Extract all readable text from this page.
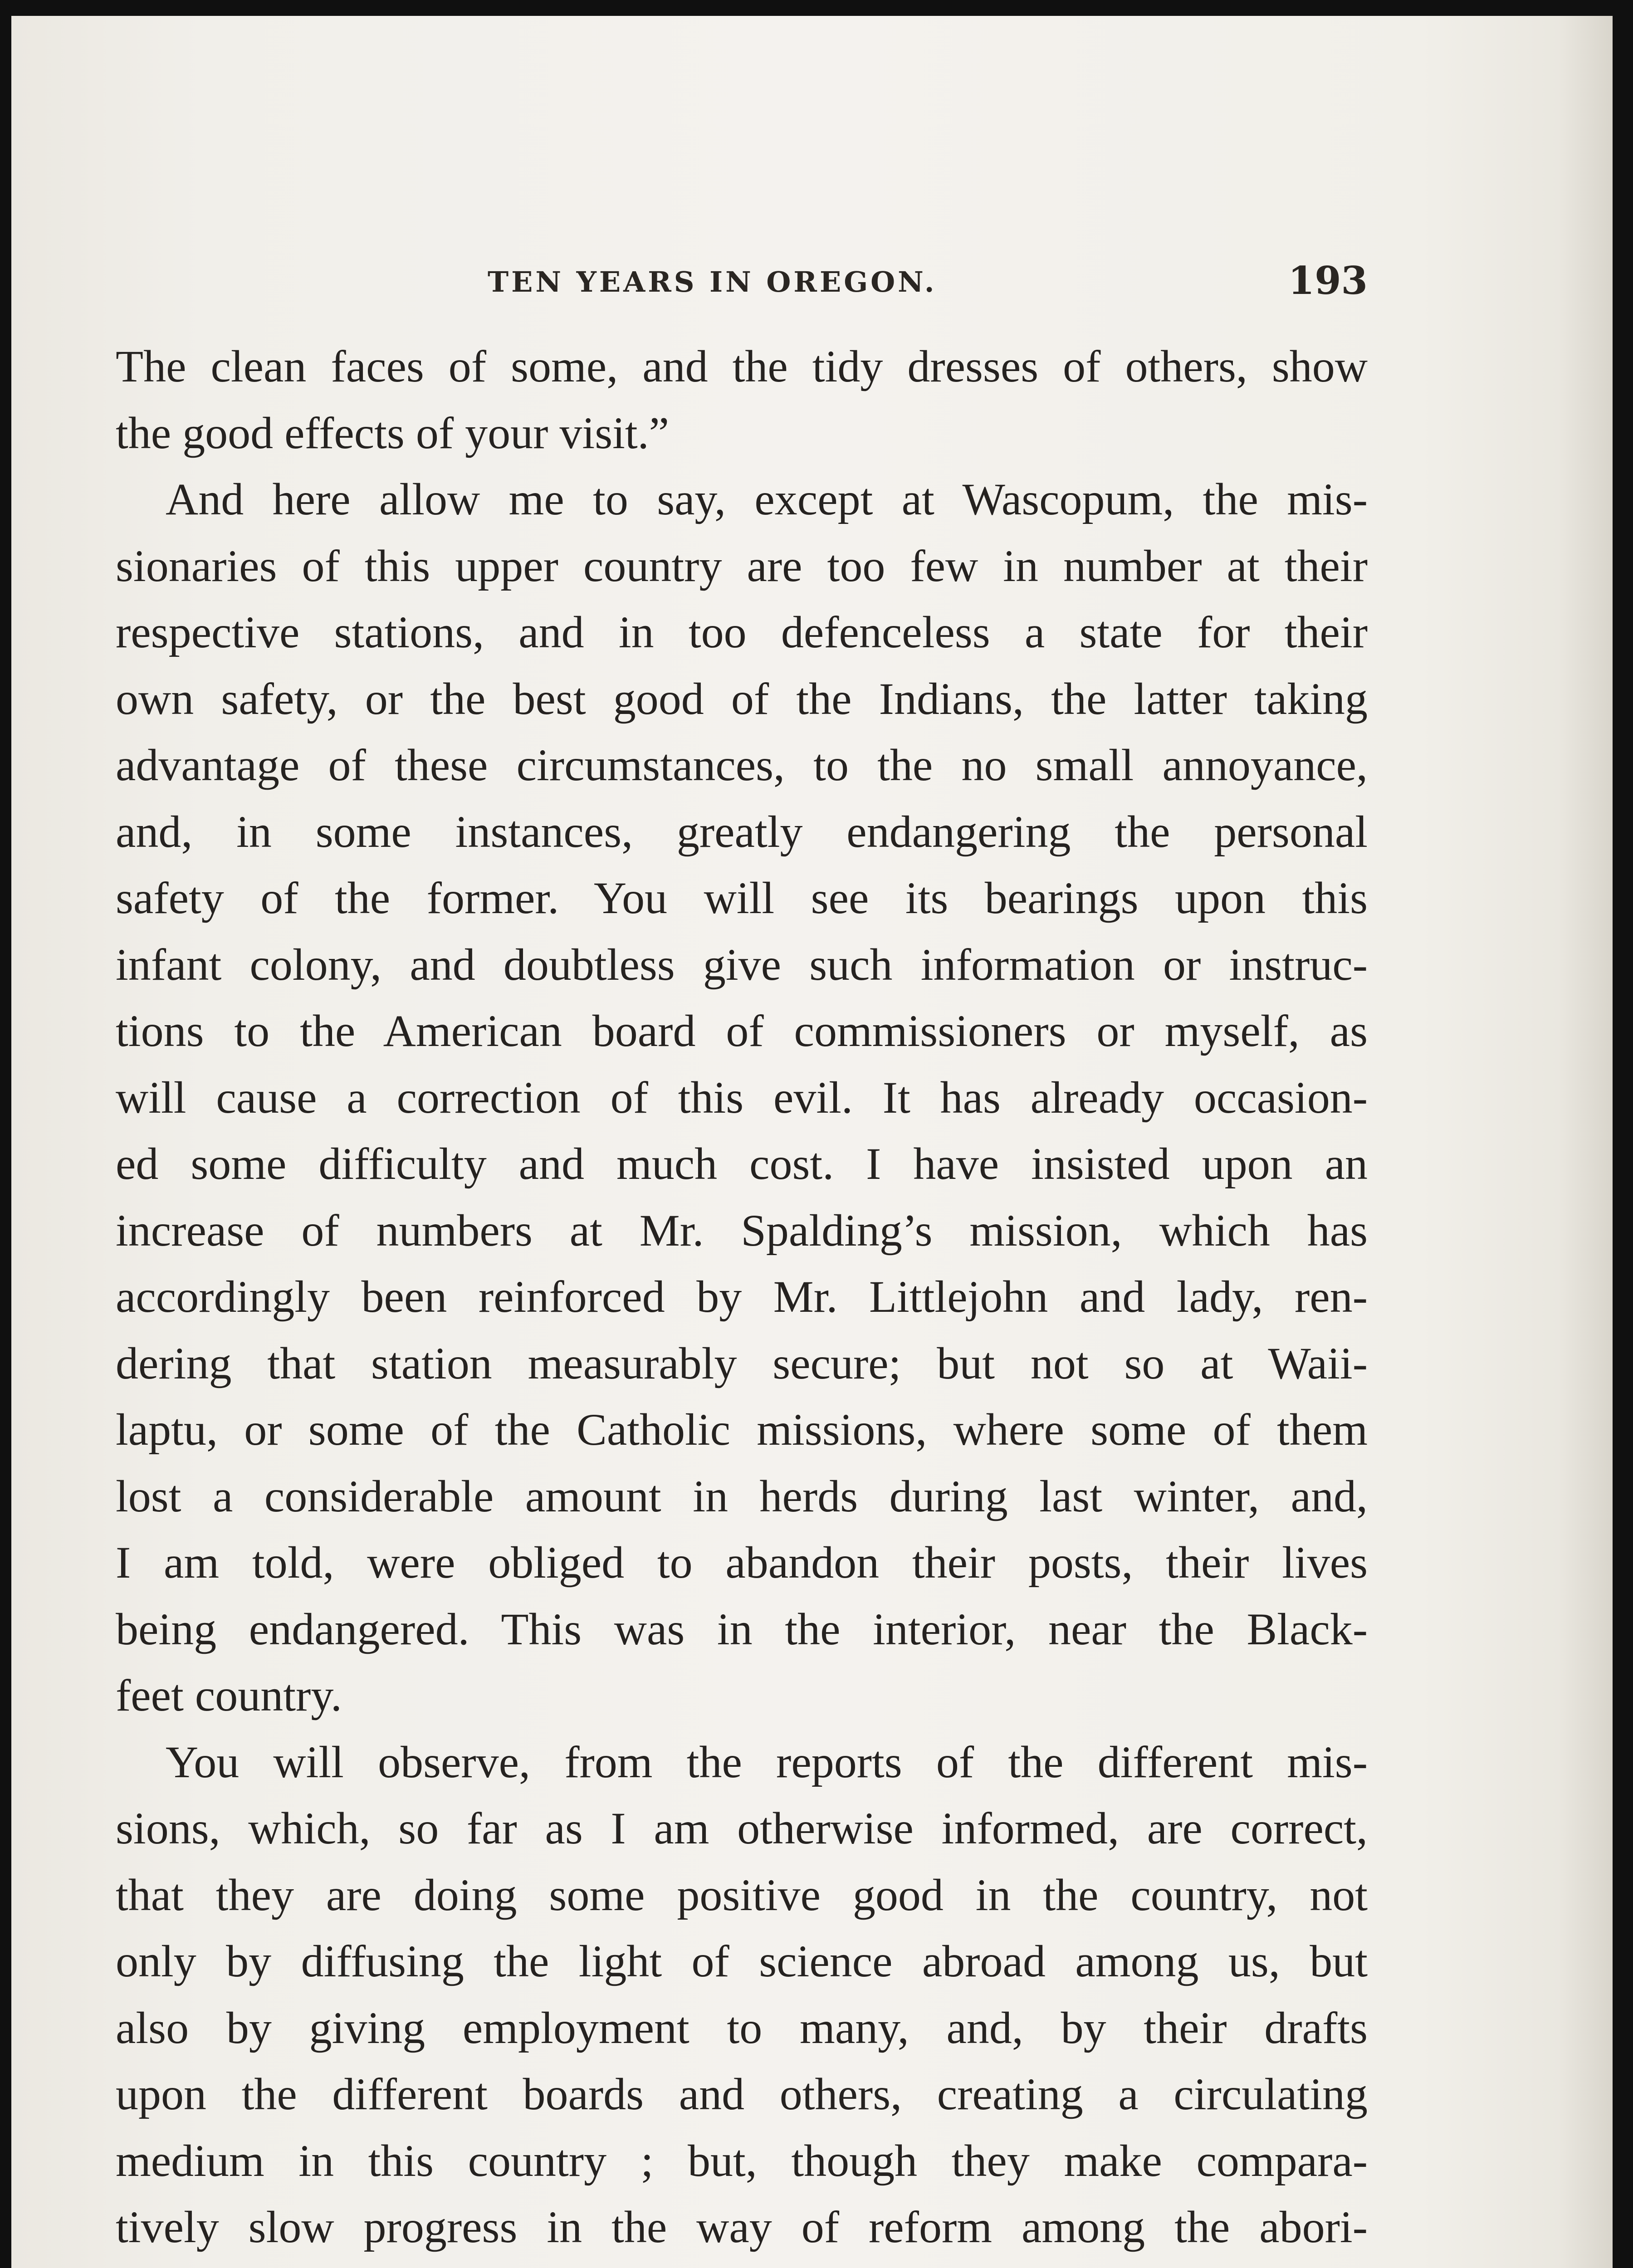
TEN YEARS IN OREGON.	193
The clean faces of some, and the tidy dresses of others, show
the good effects of your visit.”
And here allow me to say, except at Wascopum, the mis-
sionaries of this upper country are too few in number at their
respective stations, and in too defenceless a state for their
own safety, or the best good of the Indians, the latter taking
advantage of these circumstances, to the no small annoyance,
and, in some instances, greatly endangering the personal
safety of the former. You will see its bearings upon this
infant colony, and doubtless give such information or instruc-
tions to the American board of commissioners or myself, as
will cause a correction of this evil. It has already occasion-
ed some difficulty and much cost. I have insisted upon an
increase of numbers at Mr. Spalding’s mission, which has
accordingly been reinforced by Mr. Littlejohn and lady, ren-
dering that station measurably secure; but not so at Waii-
laptu, or some of the Catholic missions, where some of them
lost a considerable amount in herds during last winter, and,
I am told, were obliged to abandon their posts, their lives
being endangered. This was in the interior, near the Black-
feet country.
You will observe, from the reports of the different mis-
sions, which, so far as I am otherwise informed, are correct,
that they are doing some positive good in the country, not
only by diffusing the light of science abroad among us, but
also by giving employment to many, and, by their drafts
upon the different boards and others, creating a circulating
medium in this country ; but, though they make compara-
tively slow progress in the way of reform among the abori-
